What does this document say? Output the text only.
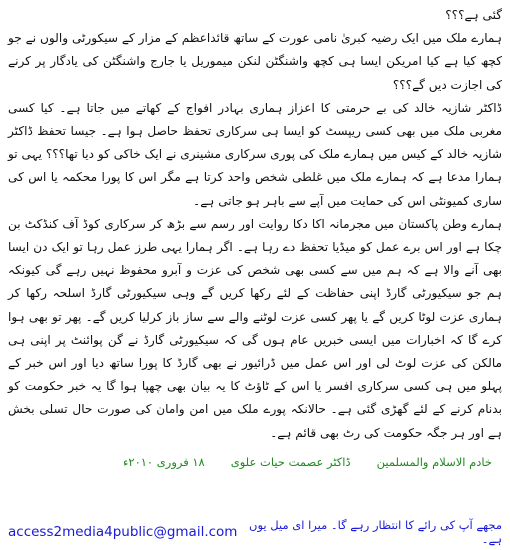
گئی ہے؟؟؟

ہمارے ملک میں ایک رضیہ کبریٰ نامی عورت کے ساتھ قائداعظم کے مزار کے سیکورٹی والوں نے جو کچھ کیا ہے کیا امریکن ایسا ہی کچھ واشنگٹن لنکن میموریل یا جارج واشنگٹن کی یادگار پر کرنے کی اجازت دیں گے؟؟؟

ڈاکٹر شازیہ خالد کی بے حرمتی کا اعزاز ہماری بہادر افواج کے کھاتے میں جاتا ہے۔ کیا کسی مغربی ملک میں بھی کسی ریپسٹ کو ایسا ہی سرکاری تحفظ حاصل ہوا ہے۔ جیسا تحفظ ڈاکٹر شازیہ خالد کے کیس میں ہمارے ملک کی پوری سرکاری مشینری نے ایک خاکی کو دیا تھا؟؟؟ یہی تو ہمارا مدعا ہے کہ ہمارے ملک میں غلطی شخص واحد کرتا ہے مگر اس کا پورا محکمہ یا اس کی ساری کمیونٹی اس کی حمایت میں آپے سے باہر ہو جاتی ہے۔

ہمارے وطن پاکستان میں مجرمانہ اکا دکا روایت اور رسم سے بڑھ کر سرکاری کوڈ آف کنڈکٹ بن چکا ہے اور اس برے عمل کو میڈیا تحفظ دے رہا ہے۔ اگر ہمارا یہی طرز عمل رہا تو ایک دن ایسا بھی آنے والا ہے کہ ہم میں سے کسی بھی شخص کی عزت و آبرو محفوظ نہیں رہے گی کیونکہ ہم جو سیکیورٹی گارڈ اپنی حفاظت کے لئے رکھا کریں گے وہی سیکیورٹی گارڈ اسلحہ رکھا کر ہماری عزت لوٹا کریں گے یا پھر کسی عزت لوٹنے والے سے ساز باز کرلیا کریں گے۔ پھر تو بھی ہوا کرے گا کہ اخبارات میں ایسی خبریں عام ہوں گی کہ سیکیورٹی گارڈ نے گن پوائنٹ پر اپنی ہی مالکن کی عزت لوٹ لی اور اس عمل میں ڈرائیور نے بھی گارڈ کا پورا ساتھ دیا اور اس خبر کے پہلو میں ہی کسی سرکاری افسر یا اس کے ٹاؤٹ کا یہ بیان بھی چھپا ہوا گا یہ خبر حکومت کو بدنام کرنے کے لئے گھڑی گئی ہے۔ حالانکہ پورے ملک میں امن وامان کی صورت حال تسلی بخش ہے اور ہر جگہ حکومت کی رٹ بھی قائم ہے۔

خادم الاسلام والمسلمین
ڈاکٹر عصمت حیات علوی
۱۸ فروری ۲۰۱۰ء
access2media4public@gmail.com	مجھے آپ کی رائے کا انتظار رہے گا۔ میرا ای میل یوں ہے۔
